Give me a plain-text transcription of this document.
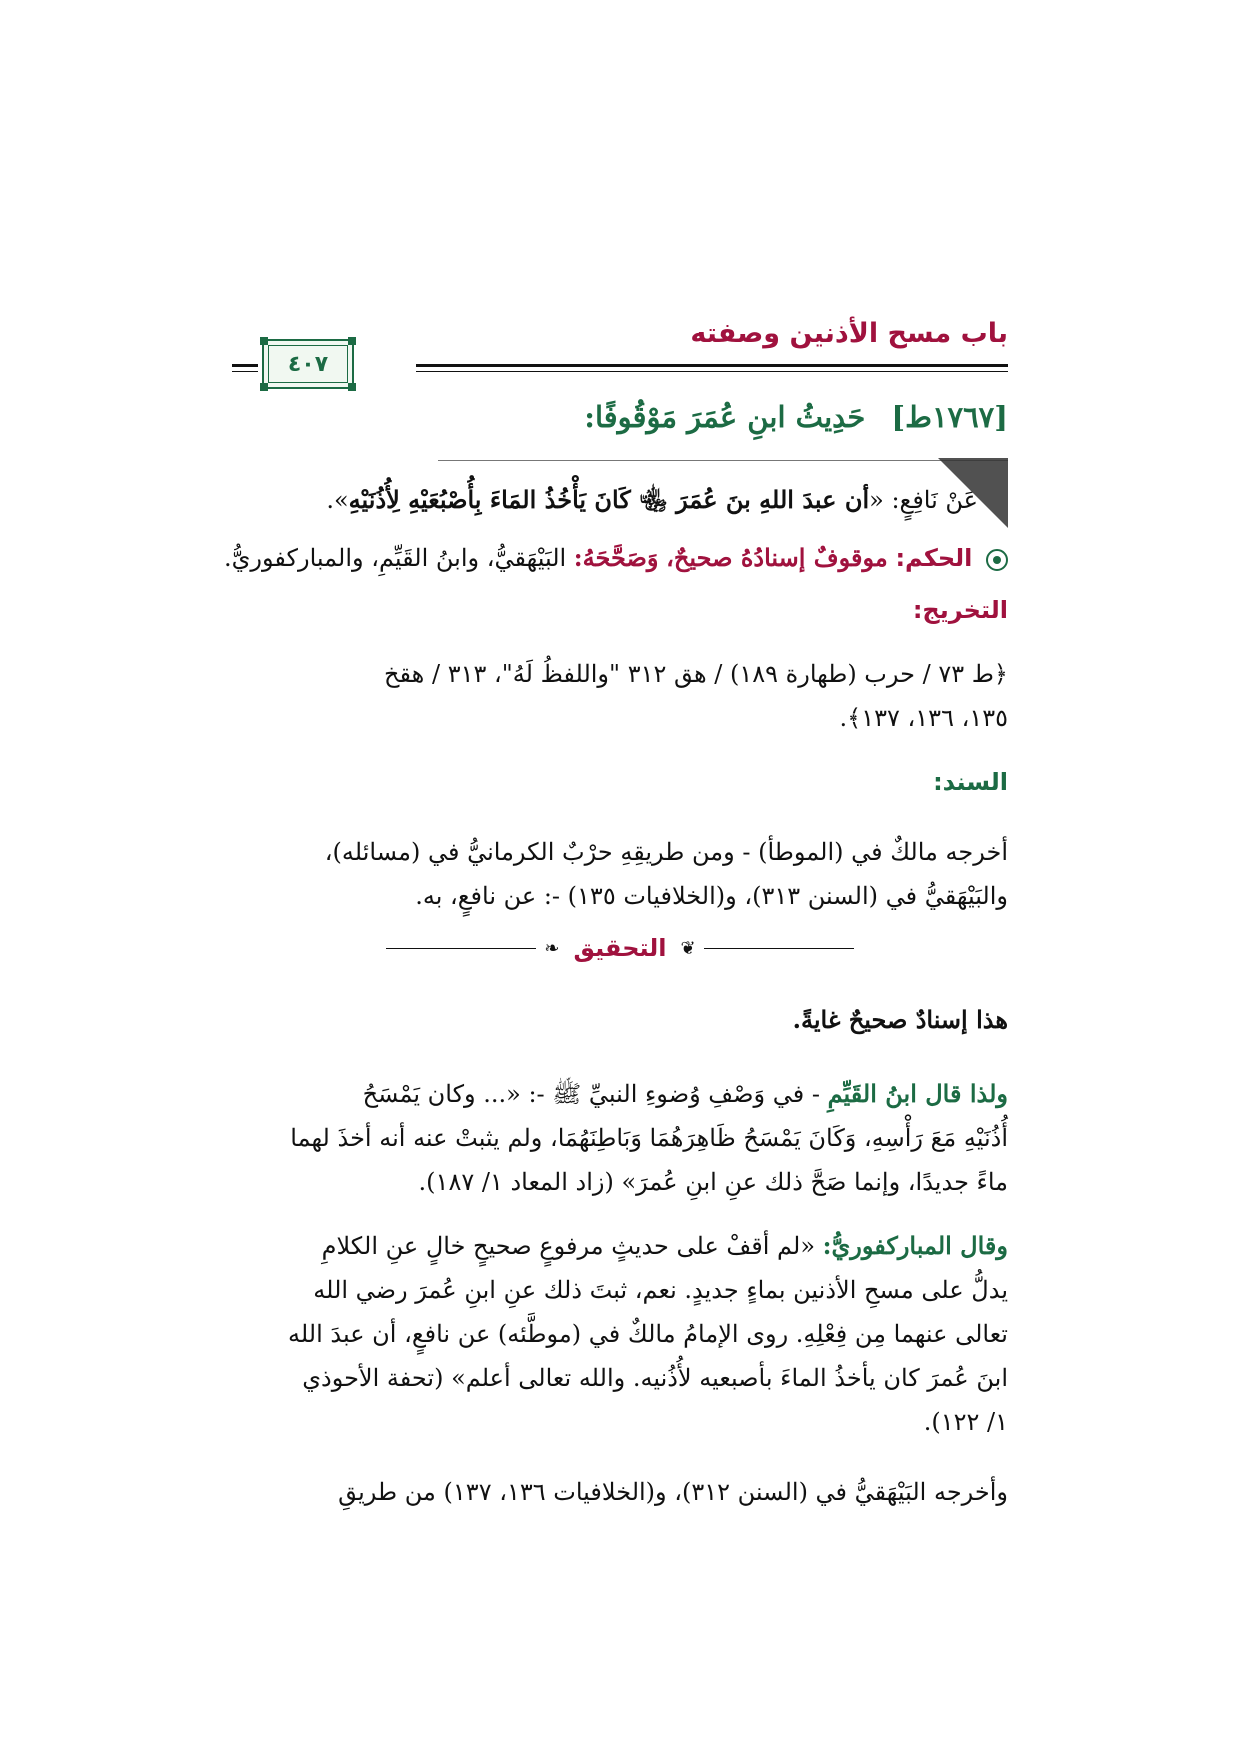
باب مسح الأذنين وصفته
٤٠٧
[١٧٦٧ط] حَدِيثُ ابنِ عُمَرَ مَوْقُوفًا:
عَنْ نَافِعٍ: «أن عبدَ اللهِ بنَ عُمَرَ ﵄ كَانَ يَأْخُذُ المَاءَ بِأُصْبُعَيْهِ لِأُذُنَيْهِ».
الحكم: موقوفٌ إسنادُهُ صحيحٌ، وَصَحَّحَهُ: البَيْهَقيُّ، وابنُ القَيِّمِ، والمباركفوريُّ.
التخريج:
﴿ط ٧٣ / حرب (طهارة ١٨٩) / هق ٣١٢ "واللفظُ لَهُ"، ٣١٣ / هقخ
١٣٥، ١٣٦، ١٣٧﴾.
السند:
أخرجه مالكٌ في (الموطأ) - ومن طريقِهِ حرْبٌ الكرمانيُّ في (مسائله)،
والبَيْهَقيُّ في (السنن ٣١٣)، و(الخلافيات ١٣٥) -: عن نافعٍ، به.
❦
التحقيق
❧
هذا إسنادٌ صحيحٌ غايةً.
ولذا قال ابنُ القَيِّمِ - في وَصْفِ وُضوءِ النبيِّ ﷺ -: «... وكان يَمْسَحُ
أُذُنَيْهِ مَعَ رَأْسِهِ، وَكَانَ يَمْسَحُ ظَاهِرَهُمَا وَبَاطِنَهُمَا، ولم يثبتْ عنه أنه أخذَ لهما
ماءً جديدًا، وإنما صَحَّ ذلك عنِ ابنِ عُمرَ» (زاد المعاد ١/ ١٨٧).
وقال المباركفوريُّ: «لم أقفْ على حديثٍ مرفوعٍ صحيحٍ خالٍ عنِ الكلامِ
يدلُّ على مسحِ الأذنين بماءٍ جديدٍ. نعم، ثبتَ ذلك عنِ ابنِ عُمرَ رضي الله
تعالى عنهما مِن فِعْلِهِ. روى الإمامُ مالكٌ في (موطَّئه) عن نافعٍ، أن عبدَ الله
ابنَ عُمرَ كان يأخذُ الماءَ بأصبعيه لأُذُنيه. والله تعالى أعلم» (تحفة الأحوذي
١/ ١٢٢).
وأخرجه البَيْهَقيُّ في (السنن ٣١٢)، و(الخلافيات ١٣٦، ١٣٧) من طريقِ
